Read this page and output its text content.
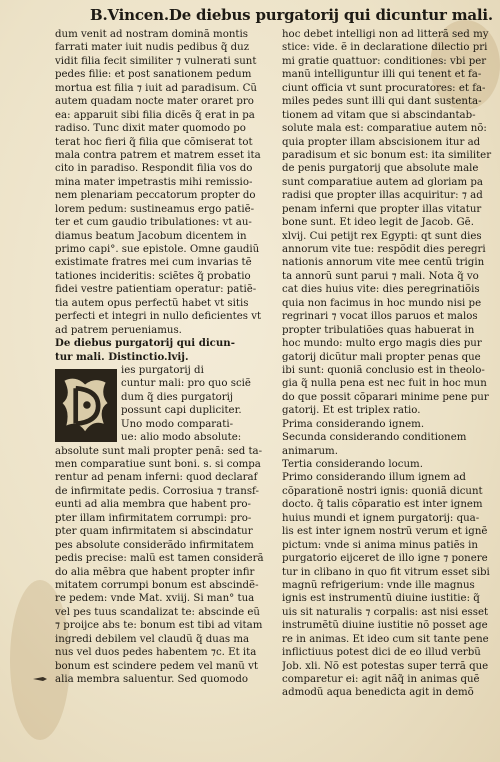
B.Vincen.De diebus purgatorij qui dicuntur mali.
dum venit ad nostram dominã montis
farrati mater iuit nudis pedibus q̃ duz
vidit filia fecit similiter ⁊ vulnerati sunt
pedes filie: et post sanationem pedum
mortua est filia ⁊ iuit ad paradisum. Cũ
autem quadam nocte mater oraret pro
ea: apparuit sibi filia dicẽs q̃ erat in pa
radiso. Tunc dixit mater quomodo po
terat hoc fieri q̃ filia que cõmiserat tot
mala contra patrem et matrem esset ita
cito in paradiso. Respondit filia vos do
mina mater impetrastis mihi remissio-
nem plenariam peccatorum propter do
lorem pedum: sustineamus ergo patiẽ-
ter et cum gaudio tribulationes: vt au-
diamus beatum Jacobum dicentem in
primo capi°. sue epistole. Omne gaudiũ
existimate fratres mei cum invarias tẽ
tationes incideritis: sciẽtes q̃ probatio
fidei vestre patientiam operatur: patiẽ-
tia autem opus perfectũ habet vt sitis
perfecti et integri in nullo deficientes vt
ad patrem perueniamus.
De diebus purgatorij qui dicun-
tur mali. Distinctio.lvij.
ies purgatorij di
cuntur mali: pro quo sciẽ
dum q̃ dies purgatorij
possunt capi dupliciter.
Uno modo comparati-
ue: alio modo absolute:
absolute sunt mali propter penã: sed ta-
men comparatiue sunt boni. s. si compa
rentur ad penam inferni: quod declaraf
de infirmitate pedis. Corrosiua ⁊ transf-
eunti ad alia membra que habent pro-
pter illam infirmitatem corrumpi: pro-
pter quam infirmitatem si abscindatur
pes absolute considerãdo infirmitatem
pedis precise: malũ est tamen considerã
do alia mẽbra que habent propter infir
mitatem corrumpi bonum est abscindẽ-
re pedem: vnde Mat. xviij. Si man° tua
vel pes tuus scandalizat te: abscinde eũ
⁊ proijce abs te: bonum est tibi ad vitam
ingredi debilem vel claudũ q̃ duas ma
nus vel duos pedes habentem ⁊c. Et ita
bonum est scindere pedem vel manũ vt
alia membra saluentur. Sed quomodo
hoc debet intelligi non ad litterã sed my
stice: vide. ẽ in declaratione dilectio pri
mi gratie quattuor: conditiones: vbi per
manũ intelliguntur illi qui tenent et fa-
ciunt officia vt sunt procuratores: et fa-
miles pedes sunt illi qui dant sustenta-
tionem ad vitam que si abscindantab-
solute mala est: comparatiue autem nõ:
quia propter illam abscisionem itur ad
paradisum et sic bonum est: ita similiter
de penis purgatorij que absolute male
sunt comparatiue autem ad gloriam pa
radisi que propter illas acquiritur: ⁊ ad
penam inferni que propter illas vitatur
bone sunt. Et ideo legit de Jacob. Gẽ.
xlvij. Cui petijt rex Egypti: qt sunt dies
annorum vite tue: respõdit dies peregri
nationis annorum vite mee centũ trigin
ta annorũ sunt parui ⁊ mali. Nota q̃ vo
cat dies huius vite: dies peregrinatiõis
quia non facimus in hoc mundo nisi pe
regrinari ⁊ vocat illos paruos et malos
propter tribulatiões quas habuerat in
hoc mundo: multo ergo magis dies pur
gatorij dicũtur mali propter penas que
ibi sunt: quoniã conclusio est in theolo-
gia q̃ nulla pena est nec fuit in hoc mun
do que possit cõparari minime pene pur
gatorij. Et est triplex ratio.
Prima considerando ignem.
Secunda considerando conditionem
animarum.
Tertia considerando locum.
Primo considerando illum ignem ad
cõparationẽ nostri ignis: quoniã dicunt
docto. q̃ talis cõparatio est inter ignem
huius mundi et ignem purgatorij: qua-
lis est inter ignem nostrũ verum et ignẽ
pictum: vnde si anima minus patiẽs in
purgatorio eijceret de illo igne ⁊ ponere
tur in clibano in quo fit vitrum esset sibi
magnũ refrigerium: vnde ille magnus
ignis est instrumentũ diuine iustitie: q̃
uis sit naturalis ⁊ corpalis: ast nisi esset
instrumẽtũ diuine iustitie nõ posset age
re in animas. Et ideo cum sit tante pene
inflictiuus potest dici de eo illud verbũ
Job. xli. Nõ est potestas super terrã que
comparetur ei: agit nãq̃ in animas quẽ
admodũ aqua benedicta agit in demõ
